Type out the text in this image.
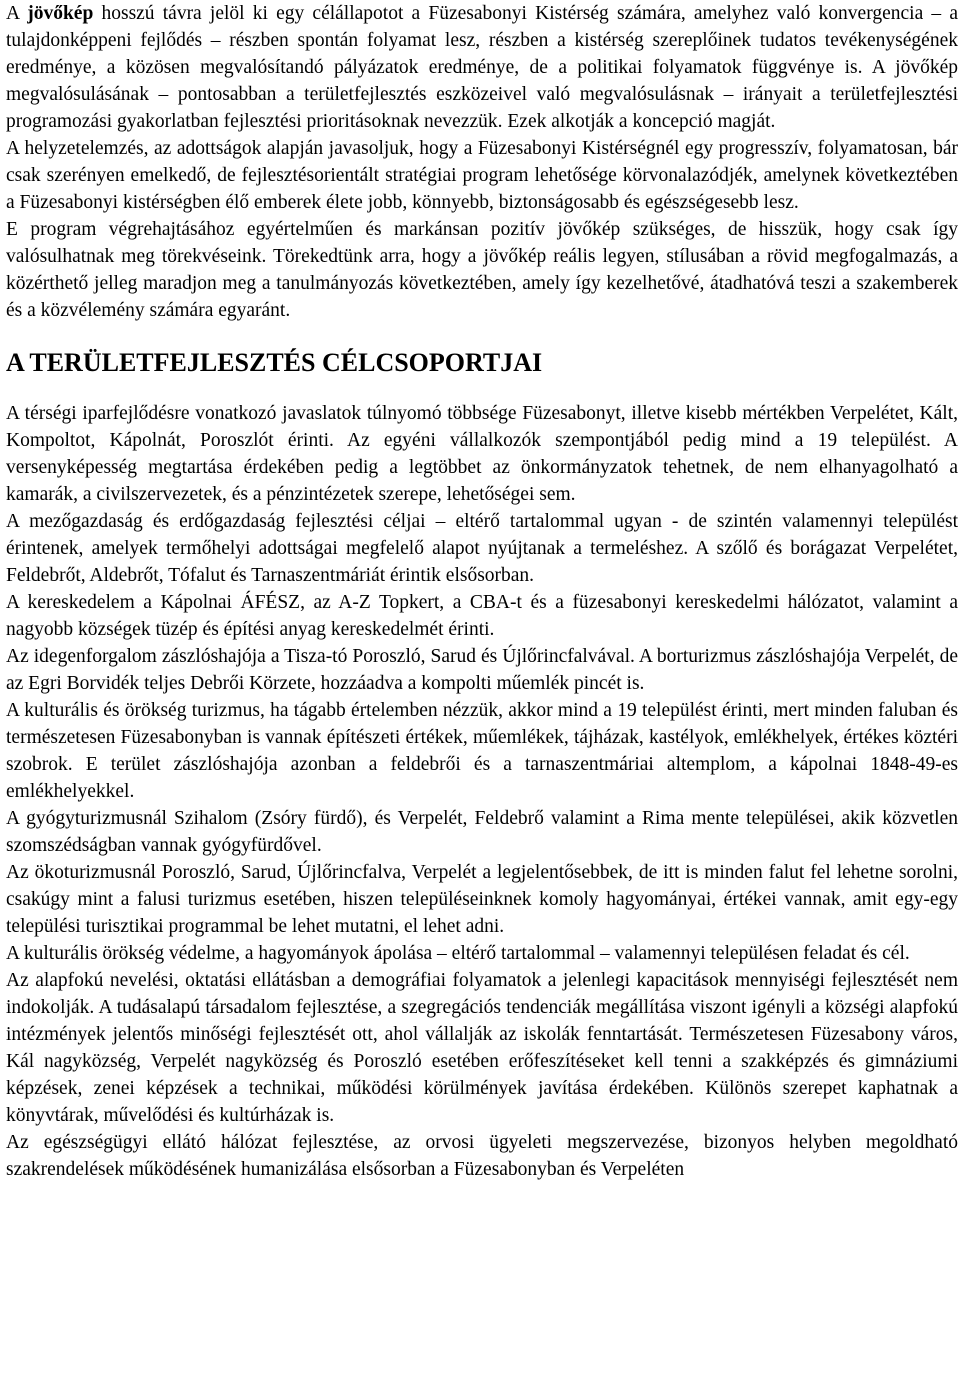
A jövőkép hosszú távra jelöl ki egy célállapotot a Füzesabonyi Kistérség számára, amelyhez való konvergencia – a tulajdonképpeni fejlődés – részben spontán folyamat lesz, részben a kistérség szereplőinek tudatos tevékenységének eredménye, a közösen megvalósítandó pályázatok eredménye, de a politikai folyamatok függvénye is. A jövőkép megvalósulásának – pontosabban a területfejlesztés eszközeivel való megvalósulásnak – irányait a területfejlesztési programozási gyakorlatban fejlesztési prioritásoknak nevezzük. Ezek alkotják a koncepció magját.

A helyzetelemzés, az adottságok alapján javasoljuk, hogy a Füzesabonyi Kistérségnél egy progresszív, folyamatosan, bár csak szerényen emelkedő, de fejlesztésorientált stratégiai program lehetősége körvonalazódjék, amelynek következtében a Füzesabonyi kistérségben élő emberek élete jobb, könnyebb, biztonságosabb és egészségesebb lesz.

E program végrehajtásához egyértelműen és markánsan pozitív jövőkép szükséges, de hisszük, hogy csak így valósulhatnak meg törekvéseink. Törekedtünk arra, hogy a jövőkép reális legyen, stílusában a rövid megfogalmazás, a közérthető jelleg maradjon meg a tanulmányozás következtében, amely így kezelhetővé, átadhatóvá teszi a szakemberek és a közvélemény számára egyaránt.

A TERÜLETFEJLESZTÉS CÉLCSOPORTJAI

A térségi iparfejlődésre vonatkozó javaslatok túlnyomó többsége Füzesabonyt, illetve kisebb mértékben Verpelétet, Kált, Kompoltot, Kápolnát, Poroszlót érinti. Az egyéni vállalkozók szempontjából pedig mind a 19 települést. A versenyképesség megtartása érdekében pedig a legtöbbet az önkormányzatok tehetnek, de nem elhanyagolható a kamarák, a civilszervezetek, és a pénzintézetek szerepe, lehetőségei sem.

A mezőgazdaság és erdőgazdaság fejlesztési céljai – eltérő tartalommal ugyan - de szintén valamennyi települést érintenek, amelyek termőhelyi adottságai megfelelő alapot nyújtanak a termeléshez. A szőlő és borágazat Verpelétet, Feldebrőt, Aldebrőt, Tófalut és Tarnaszentmáriát érintik elsősorban.

A kereskedelem a Kápolnai ÁFÉSZ, az A-Z Topkert, a CBA-t és a füzesabonyi kereskedelmi hálózatot, valamint a nagyobb községek tüzép és építési anyag kereskedelmét érinti.

Az idegenforgalom zászlóshajója a Tisza-tó Poroszló, Sarud és Újlőrincfalvával. A borturizmus zászlóshajója Verpelét, de az Egri Borvidék teljes Debrői Körzete, hozzáadva a kompolti műemlék pincét is.

A kulturális és örökség turizmus, ha tágabb értelemben nézzük, akkor mind a 19 települést érinti, mert minden faluban és természetesen Füzesabonyban is vannak építészeti értékek, műemlékek, tájházak, kastélyok, emlékhelyek, értékes köztéri szobrok. E terület zászlóshajója azonban a feldebrői és a tarnaszentmáriai altemplom, a kápolnai 1848-49-es emlékhelyekkel.

A gyógyturizmusnál Szihalom (Zsóry fürdő), és Verpelét, Feldebrő valamint a Rima mente települései, akik közvetlen szomszédságban vannak gyógyfürdővel.

Az ökoturizmusnál Poroszló, Sarud, Újlőrincfalva, Verpelét a legjelentősebbek, de itt is minden falut fel lehetne sorolni, csakúgy mint a falusi turizmus esetében, hiszen településeinknek komoly hagyományai, értékei vannak, amit egy-egy települési turisztikai programmal be lehet mutatni, el lehet adni.

A kulturális örökség védelme, a hagyományok ápolása – eltérő tartalommal – valamennyi településen feladat és cél.

Az alapfokú nevelési, oktatási ellátásban a demográfiai folyamatok a jelenlegi kapacitások mennyiségi fejlesztését nem indokolják. A tudásalapú társadalom fejlesztése, a szegregációs tendenciák megállítása viszont igényli a községi alapfokú intézmények jelentős minőségi fejlesztését ott, ahol vállalják az iskolák fenntartását. Természetesen Füzesabony város, Kál nagyközség, Verpelét nagyközség és Poroszló esetében erőfeszítéseket kell tenni a szakképzés és gimnáziumi képzések, zenei képzések a technikai, működési körülmények javítása érdekében. Különös szerepet kaphatnak a könyvtárak, művelődési és kultúrházak is.

Az egészségügyi ellátó hálózat fejlesztése, az orvosi ügyeleti megszervezése, bizonyos helyben megoldható szakrendelések működésének humanizálása elsősorban a Füzesabonyban és Verpeléten
